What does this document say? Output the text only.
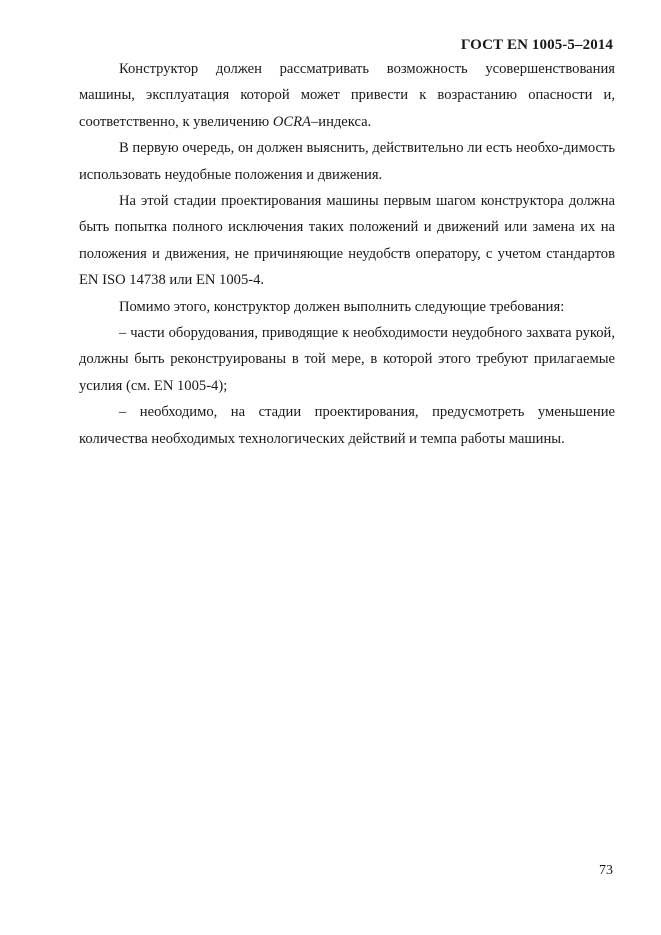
ГОСТ EN 1005-5–2014

Конструктор должен рассматривать возможность усовершенствования машины, эксплуатация которой может привести к возрастанию опасности и, соответственно, к увеличению OCRA–индекса.

В первую очередь, он должен выяснить, действительно ли есть необхо-димость использовать неудобные положения и движения.

На этой стадии проектирования машины первым шагом конструктора должна быть попытка полного исключения таких положений и движений или замена их на положения и движения, не причиняющие неудобств оператору, с учетом стандартов EN ISO 14738 или EN 1005-4.

Помимо этого, конструктор должен выполнить следующие требования:

– части оборудования, приводящие к необходимости неудобного захвата рукой, должны быть реконструированы в той мере, в которой этого требуют прилагаемые усилия (см. EN 1005-4);

– необходимо, на стадии проектирования, предусмотреть уменьшение количества необходимых технологических действий и темпа работы машины.

73
